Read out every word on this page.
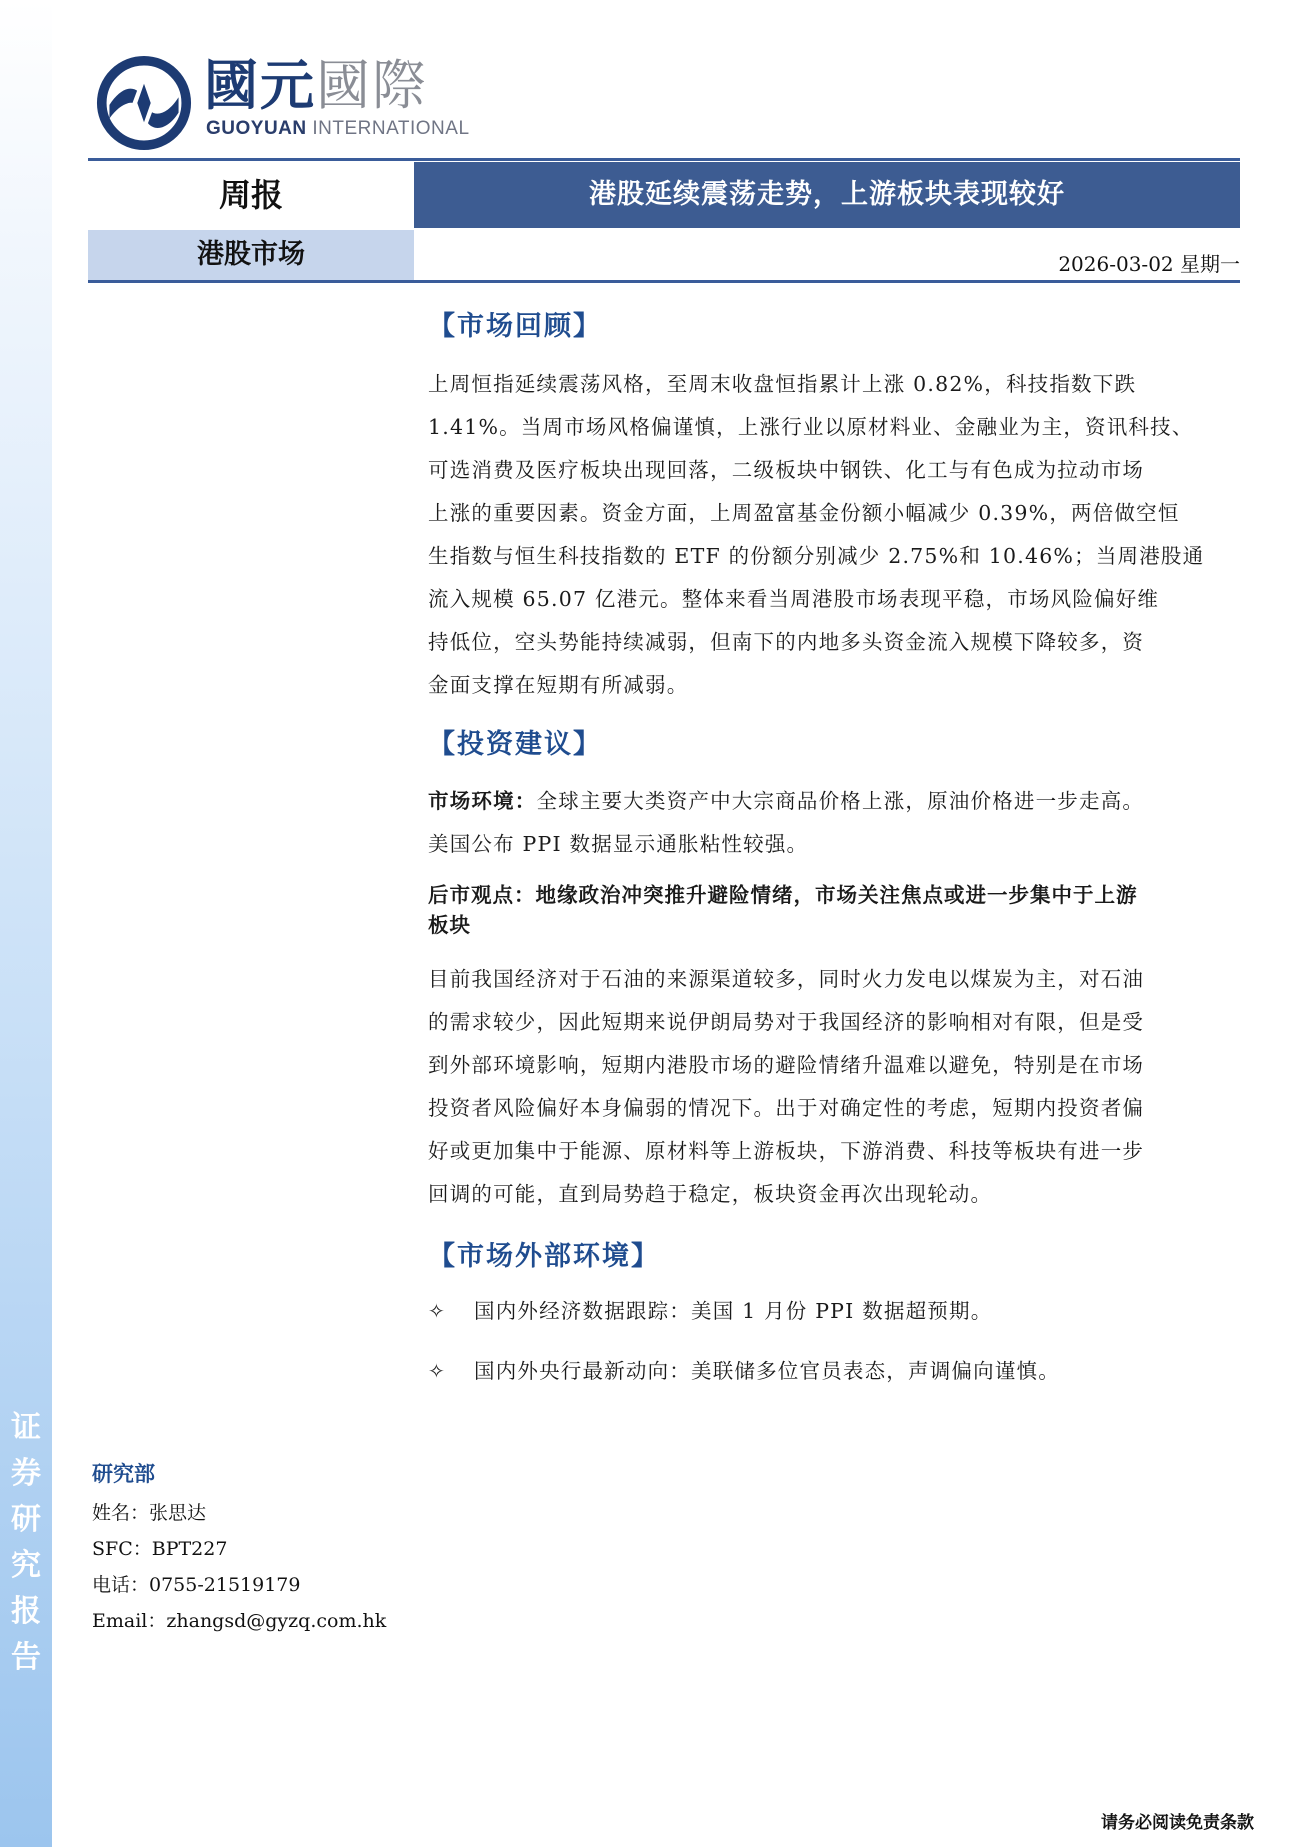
证
券
研
究
报
告
國元國際
GUOYUAN INTERNATIONAL
周报	港股延续震荡走势，上游板块表现较好
港股市场	2026-03-02 星期一
【市场回顾】

上周恒指延续震荡风格，至周末收盘恒指累计上涨 0.82%，科技指数下跌

1.41%。当周市场风格偏谨慎，上涨行业以原材料业、金融业为主，资讯科技、

可选消费及医疗板块出现回落，二级板块中钢铁、化工与有色成为拉动市场

上涨的重要因素。资金方面，上周盈富基金份额小幅减少 0.39%，两倍做空恒

生指数与恒生科技指数的 ETF 的份额分别减少 2.75%和 10.46%；当周港股通

流入规模 65.07 亿港元。整体来看当周港股市场表现平稳，市场风险偏好维

持低位，空头势能持续减弱，但南下的内地多头资金流入规模下降较多，资

金面支撑在短期有所减弱。

【投资建议】

市场环境：全球主要大类资产中大宗商品价格上涨，原油价格进一步走高。

美国公布 PPI 数据显示通胀粘性较强。

后市观点：地缘政治冲突推升避险情绪，市场关注焦点或进一步集中于上游

板块

目前我国经济对于石油的来源渠道较多，同时火力发电以煤炭为主，对石油

的需求较少，因此短期来说伊朗局势对于我国经济的影响相对有限，但是受

到外部环境影响，短期内港股市场的避险情绪升温难以避免，特别是在市场

投资者风险偏好本身偏弱的情况下。出于对确定性的考虑，短期内投资者偏

好或更加集中于能源、原材料等上游板块，下游消费、科技等板块有进一步

回调的可能，直到局势趋于稳定，板块资金再次出现轮动。

【市场外部环境】
✧	国内外经济数据跟踪：美国 1 月份 PPI 数据超预期。
✧	国内外央行最新动向：美联储多位官员表态，声调偏向谨慎。
研究部
姓名：张思达
SFC：BPT227
电话：0755-21519179
Email：zhangsd@gyzq.com.hk
请务必阅读免责条款
